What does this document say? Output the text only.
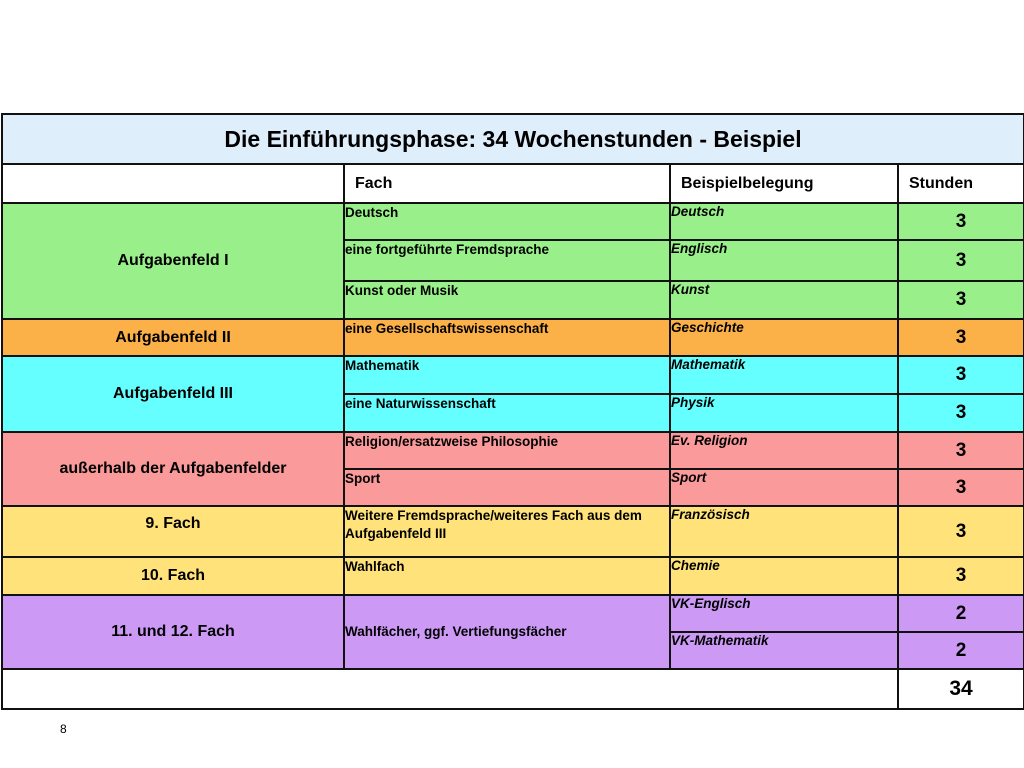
Die Einführungsphase: 34 Wochenstunden - Beispiel			
	Fach	Beispielbelegung	Stunden
Aufgabenfeld I	Deutsch	Deutsch	3
	eine fortgeführte Fremdsprache	Englisch	3
	Kunst oder Musik	Kunst	3
Aufgabenfeld II	eine Gesellschaftswissenschaft	Geschichte	3
Aufgabenfeld III	Mathematik	Mathematik	3
	eine Naturwissenschaft	Physik	3
außerhalb der Aufgabenfelder	Religion/ersatzweise Philosophie	Ev. Religion	3
	Sport	Sport	3
9. Fach	Weitere Fremdsprache/weiteres Fach aus dem Aufgabenfeld III	Französisch	3
10. Fach	Wahlfach	Chemie	3
11. und 12. Fach	Wahlfächer, ggf. Vertiefungsfächer	VK-Englisch	2
		VK-Mathematik	2
			34
8
